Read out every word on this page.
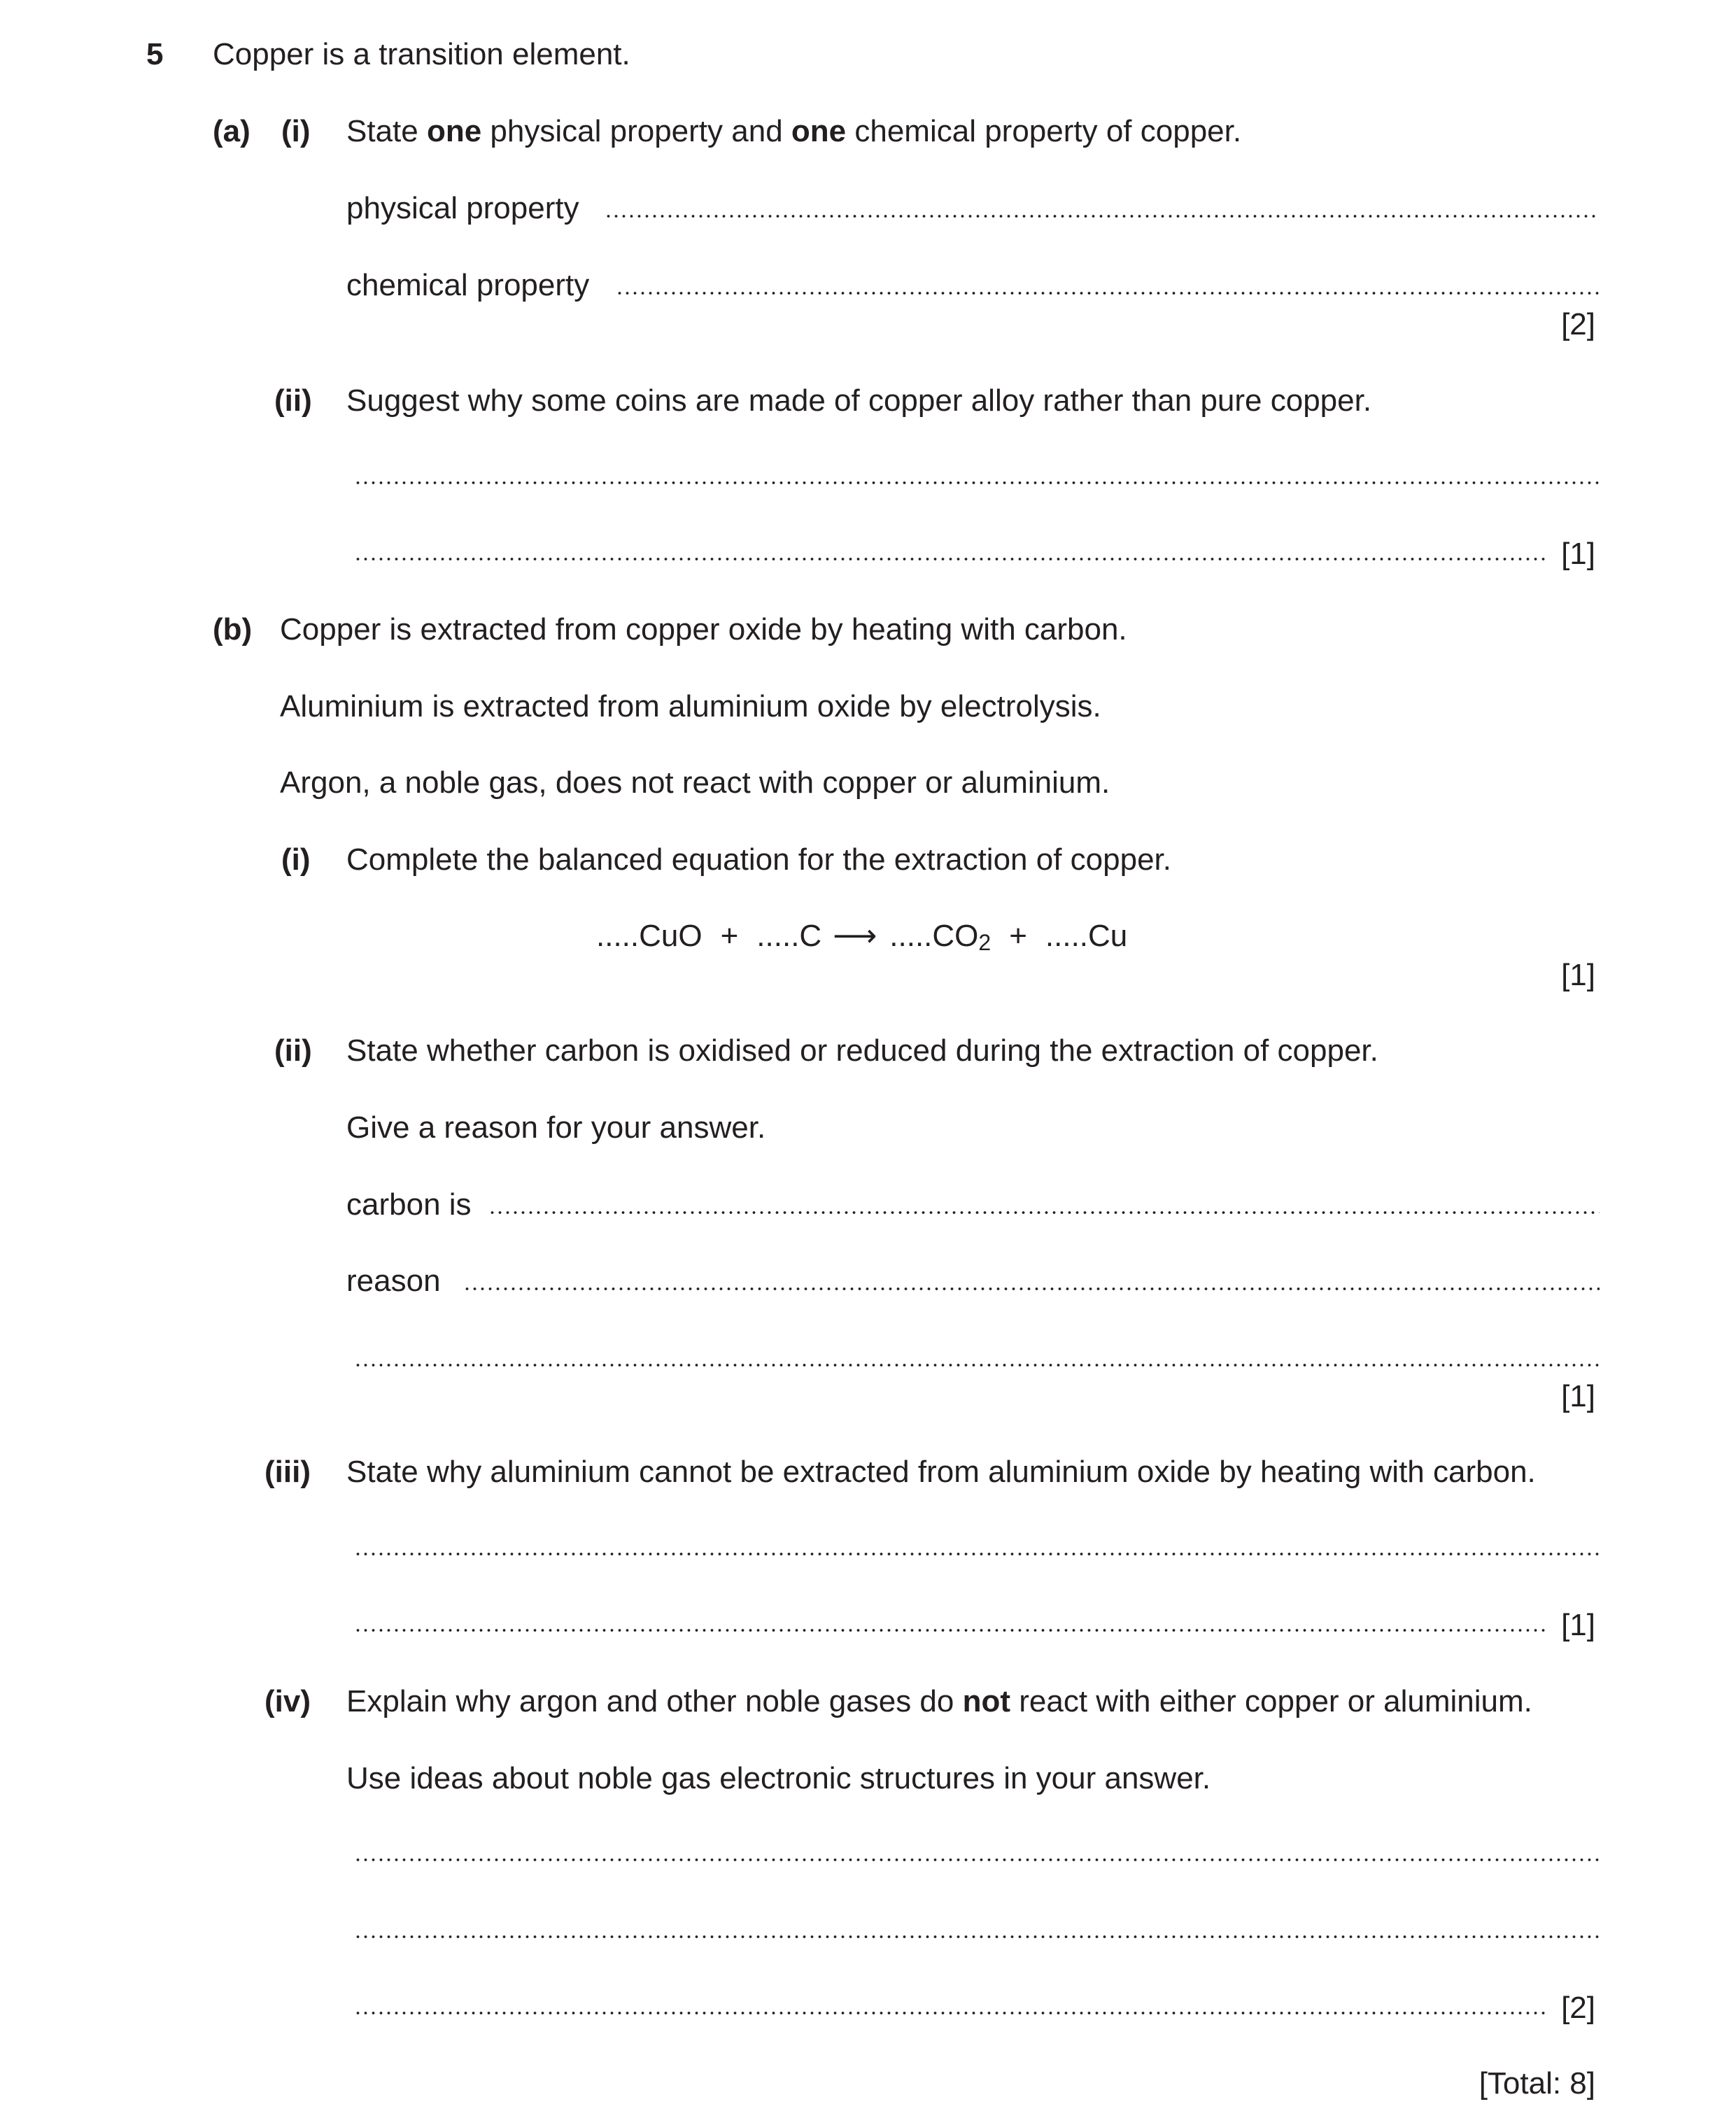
5 Copper is a transition element.
(a) (i) State one physical property and one chemical property of copper.
physical property
chemical property
[2]
(ii) Suggest why some coins are made of copper alloy rather than pure copper.
[1]
(b) Copper is extracted from copper oxide by heating with carbon.
Aluminium is extracted from aluminium oxide by electrolysis.
Argon, a noble gas, does not react with copper or aluminium.
(i) Complete the balanced equation for the extraction of copper.
.....CuO + .....C ⟶ $.....CO_2 + .....Cu$
[1]
(ii) State whether carbon is oxidised or reduced during the extraction of copper.
Give a reason for your answer.
carbon is
reason
[1]
(iii) State why aluminium cannot be extracted from aluminium oxide by heating with carbon.
[1]
(iv) Explain why argon and other noble gases do not react with either copper or aluminium.
Use ideas about noble gas electronic structures in your answer.
[2]
[Total: 8]
